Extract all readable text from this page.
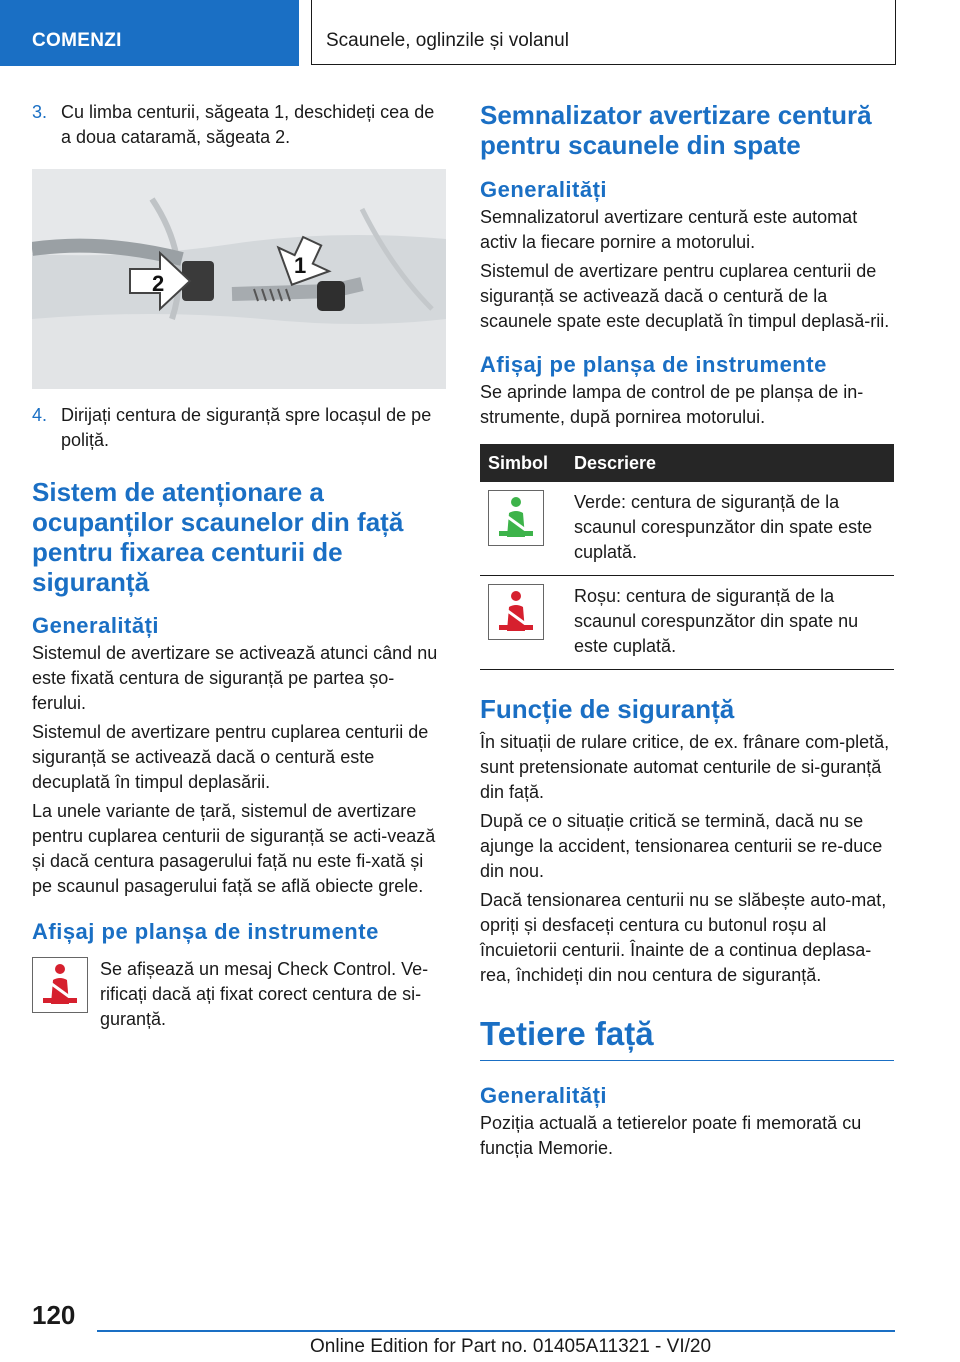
COMENZI	Scaunele, oglinzile și volanul
3. Cu limba centurii, săgeata 1, deschideți cea de a doua cataramă, săgeata 2.
1
2
4. Dirijați centura de siguranță spre locașul de pe poliță.
Sistem de atenționare a ocupanților scaunelor din față pentru fixarea centurii de siguranță
Generalități

Sistemul de avertizare se activează atunci când nu este fixată centura de siguranță pe partea șo-ferului.

Sistemul de avertizare pentru cuplarea centurii de siguranță se activează dacă o centură este decuplată în timpul deplasării.

La unele variante de țară, sistemul de avertizare pentru cuplarea centurii de siguranță se acti-vează și dacă centura pasagerului față nu este fi-xată și pe scaunul pasagerului față se află obiecte grele.

Afișaj pe planșa de instrumente

Se afișează un mesaj Check Control. Ve-rificați dacă ați fixat corect centura de si-guranță.

Semnalizator avertizare centură pentru scaunele din spate
Generalități

Semnalizatorul avertizare centură este automat activ la fiecare pornire a motorului.

Sistemul de avertizare pentru cuplarea centurii de siguranță se activează dacă o centură de la scaunele spate este decuplată în timpul deplasă-rii.

Afișaj pe planșa de instrumente

Se aprinde lampa de control de pe planșa de in-strumente, după pornirea motorului.

Simbol	Descriere

	Verde: centura de siguranță de la scaunul corespunzător din spate este cuplată.

	Roșu: centura de siguranță de la scaunul corespunzător din spate nu este cuplată.
Funcție de siguranță

În situații de rulare critice, de ex. frânare com-pletă, sunt pretensionate automat centurile de si-guranță din față.

După ce o situație critică se termină, dacă nu se ajunge la accident, tensionarea centurii se re-duce din nou.

Dacă tensionarea centurii nu se slăbește auto-mat, opriți și desfaceți centura cu butonul roșu al încuietorii centurii. Înainte de a continua deplasa-rea, închideți din nou centura de siguranță.

Tetiere față
Generalități

Poziția actuală a tetierelor poate fi memorată cu funcția Memorie.

120
Online Edition for Part no. 01405A11321 - VI/20
